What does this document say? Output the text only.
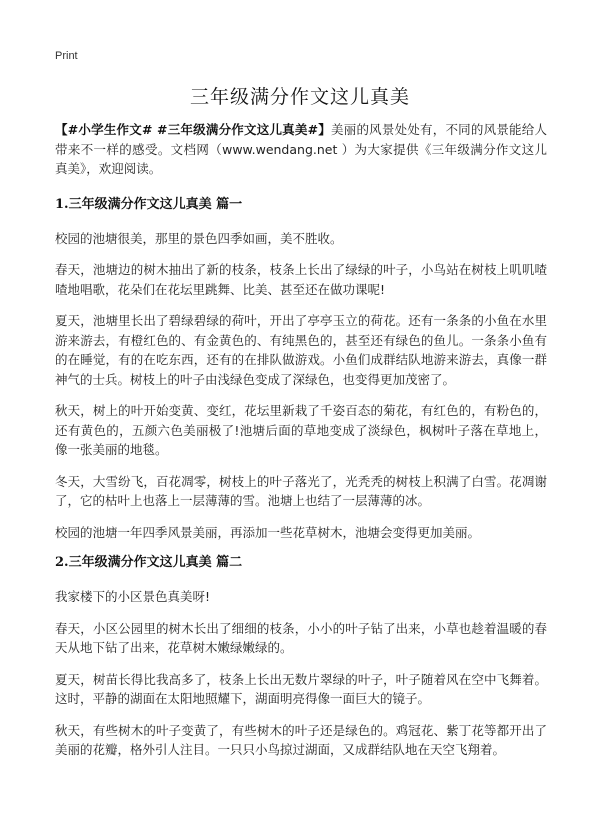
Print
三年级满分作文这儿真美

【#小学生作文# #三年级满分作文这儿真美#】美丽的风景处处有，不同的风景能给人带来不一样的感受。文档网（www.wendang.net ）为大家提供《三年级满分作文这儿真美》，欢迎阅读。

1.三年级满分作文这儿真美 篇一

校园的池塘很美，那里的景色四季如画，美不胜收。

春天，池塘边的树木抽出了新的枝条，枝条上长出了绿绿的叶子，小鸟站在树枝上叽叽喳喳地唱歌，花朵们在花坛里跳舞、比美、甚至还在做功课呢!

夏天，池塘里长出了碧绿碧绿的荷叶，开出了亭亭玉立的荷花。还有一条条的小鱼在水里游来游去，有橙红色的、有金黄色的、有纯黑色的，甚至还有绿色的鱼儿。一条条小鱼有的在睡觉，有的在吃东西，还有的在排队做游戏。小鱼们成群结队地游来游去，真像一群神气的士兵。树枝上的叶子由浅绿色变成了深绿色，也变得更加茂密了。

秋天，树上的叶开始变黄、变红，花坛里新栽了千姿百态的菊花，有红色的，有粉色的，还有黄色的，五颜六色美丽极了!池塘后面的草地变成了淡绿色，枫树叶子落在草地上，像一张美丽的地毯。

冬天，大雪纷飞，百花凋零，树枝上的叶子落光了，光秃秃的树枝上积满了白雪。花凋谢了，它的枯叶上也落上一层薄薄的雪。池塘上也结了一层薄薄的冰。

校园的池塘一年四季风景美丽，再添加一些花草树木，池塘会变得更加美丽。

2.三年级满分作文这儿真美 篇二

我家楼下的小区景色真美呀!

春天，小区公园里的树木长出了细细的枝条，小小的叶子钻了出来，小草也趁着温暖的春天从地下钻了出来，花草树木嫩绿嫩绿的。

夏天，树苗长得比我高多了，枝条上长出无数片翠绿的叶子，叶子随着风在空中飞舞着。这时，平静的湖面在太阳地照耀下，湖面明亮得像一面巨大的镜子。

秋天，有些树木的叶子变黄了，有些树木的叶子还是绿色的。鸡冠花、紫丁花等都开出了美丽的花瓣，格外引人注目。一只只小鸟掠过湖面，又成群结队地在天空飞翔着。
